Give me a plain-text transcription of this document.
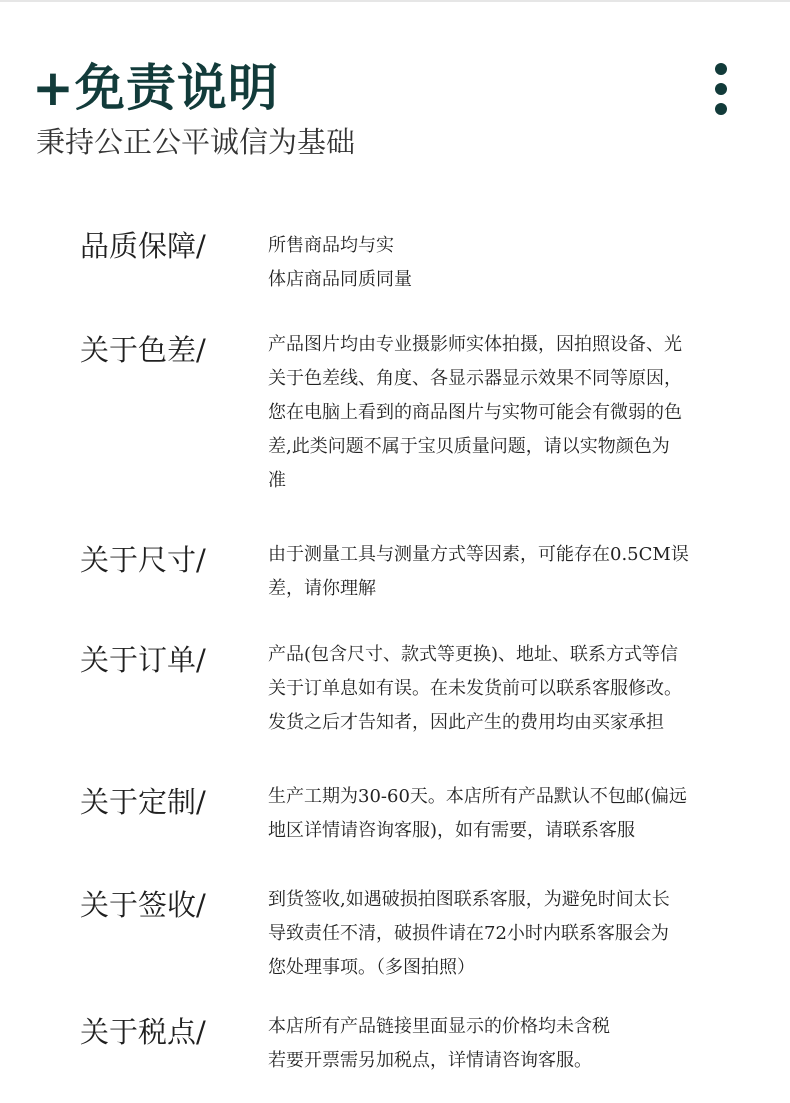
+免责说明
秉持公正公平诚信为基础
品质保障/	所售商品均与实
体店商品同质同量
关于色差/	产品图片均由专业摄影师实体拍摄，因拍照设备、光
关于色差线、角度、各显示器显示效果不同等原因，
您在电脑上看到的商品图片与实物可能会有微弱的色
差,此类问题不属于宝贝质量问题，请以实物颜色为
准
关于尺寸/	由于测量工具与测量方式等因素，可能存在0.5CM误
差，请你理解
关于订单/	产品(包含尺寸、款式等更换)、地址、联系方式等信
关于订单息如有误。在未发货前可以联系客服修改。
发货之后才告知者，因此产生的费用均由买家承担
关于定制/	生产工期为30-60天。本店所有产品默认不包邮(偏远
地区详情请咨询客服)，如有需要，请联系客服
关于签收/	到货签收,如遇破损拍图联系客服，为避免时间太长
导致责任不清，破损件请在72小时内联系客服会为
您处理事项。（多图拍照）
关于税点/	本店所有产品链接里面显示的价格均未含税
若要开票需另加税点，详情请咨询客服。
